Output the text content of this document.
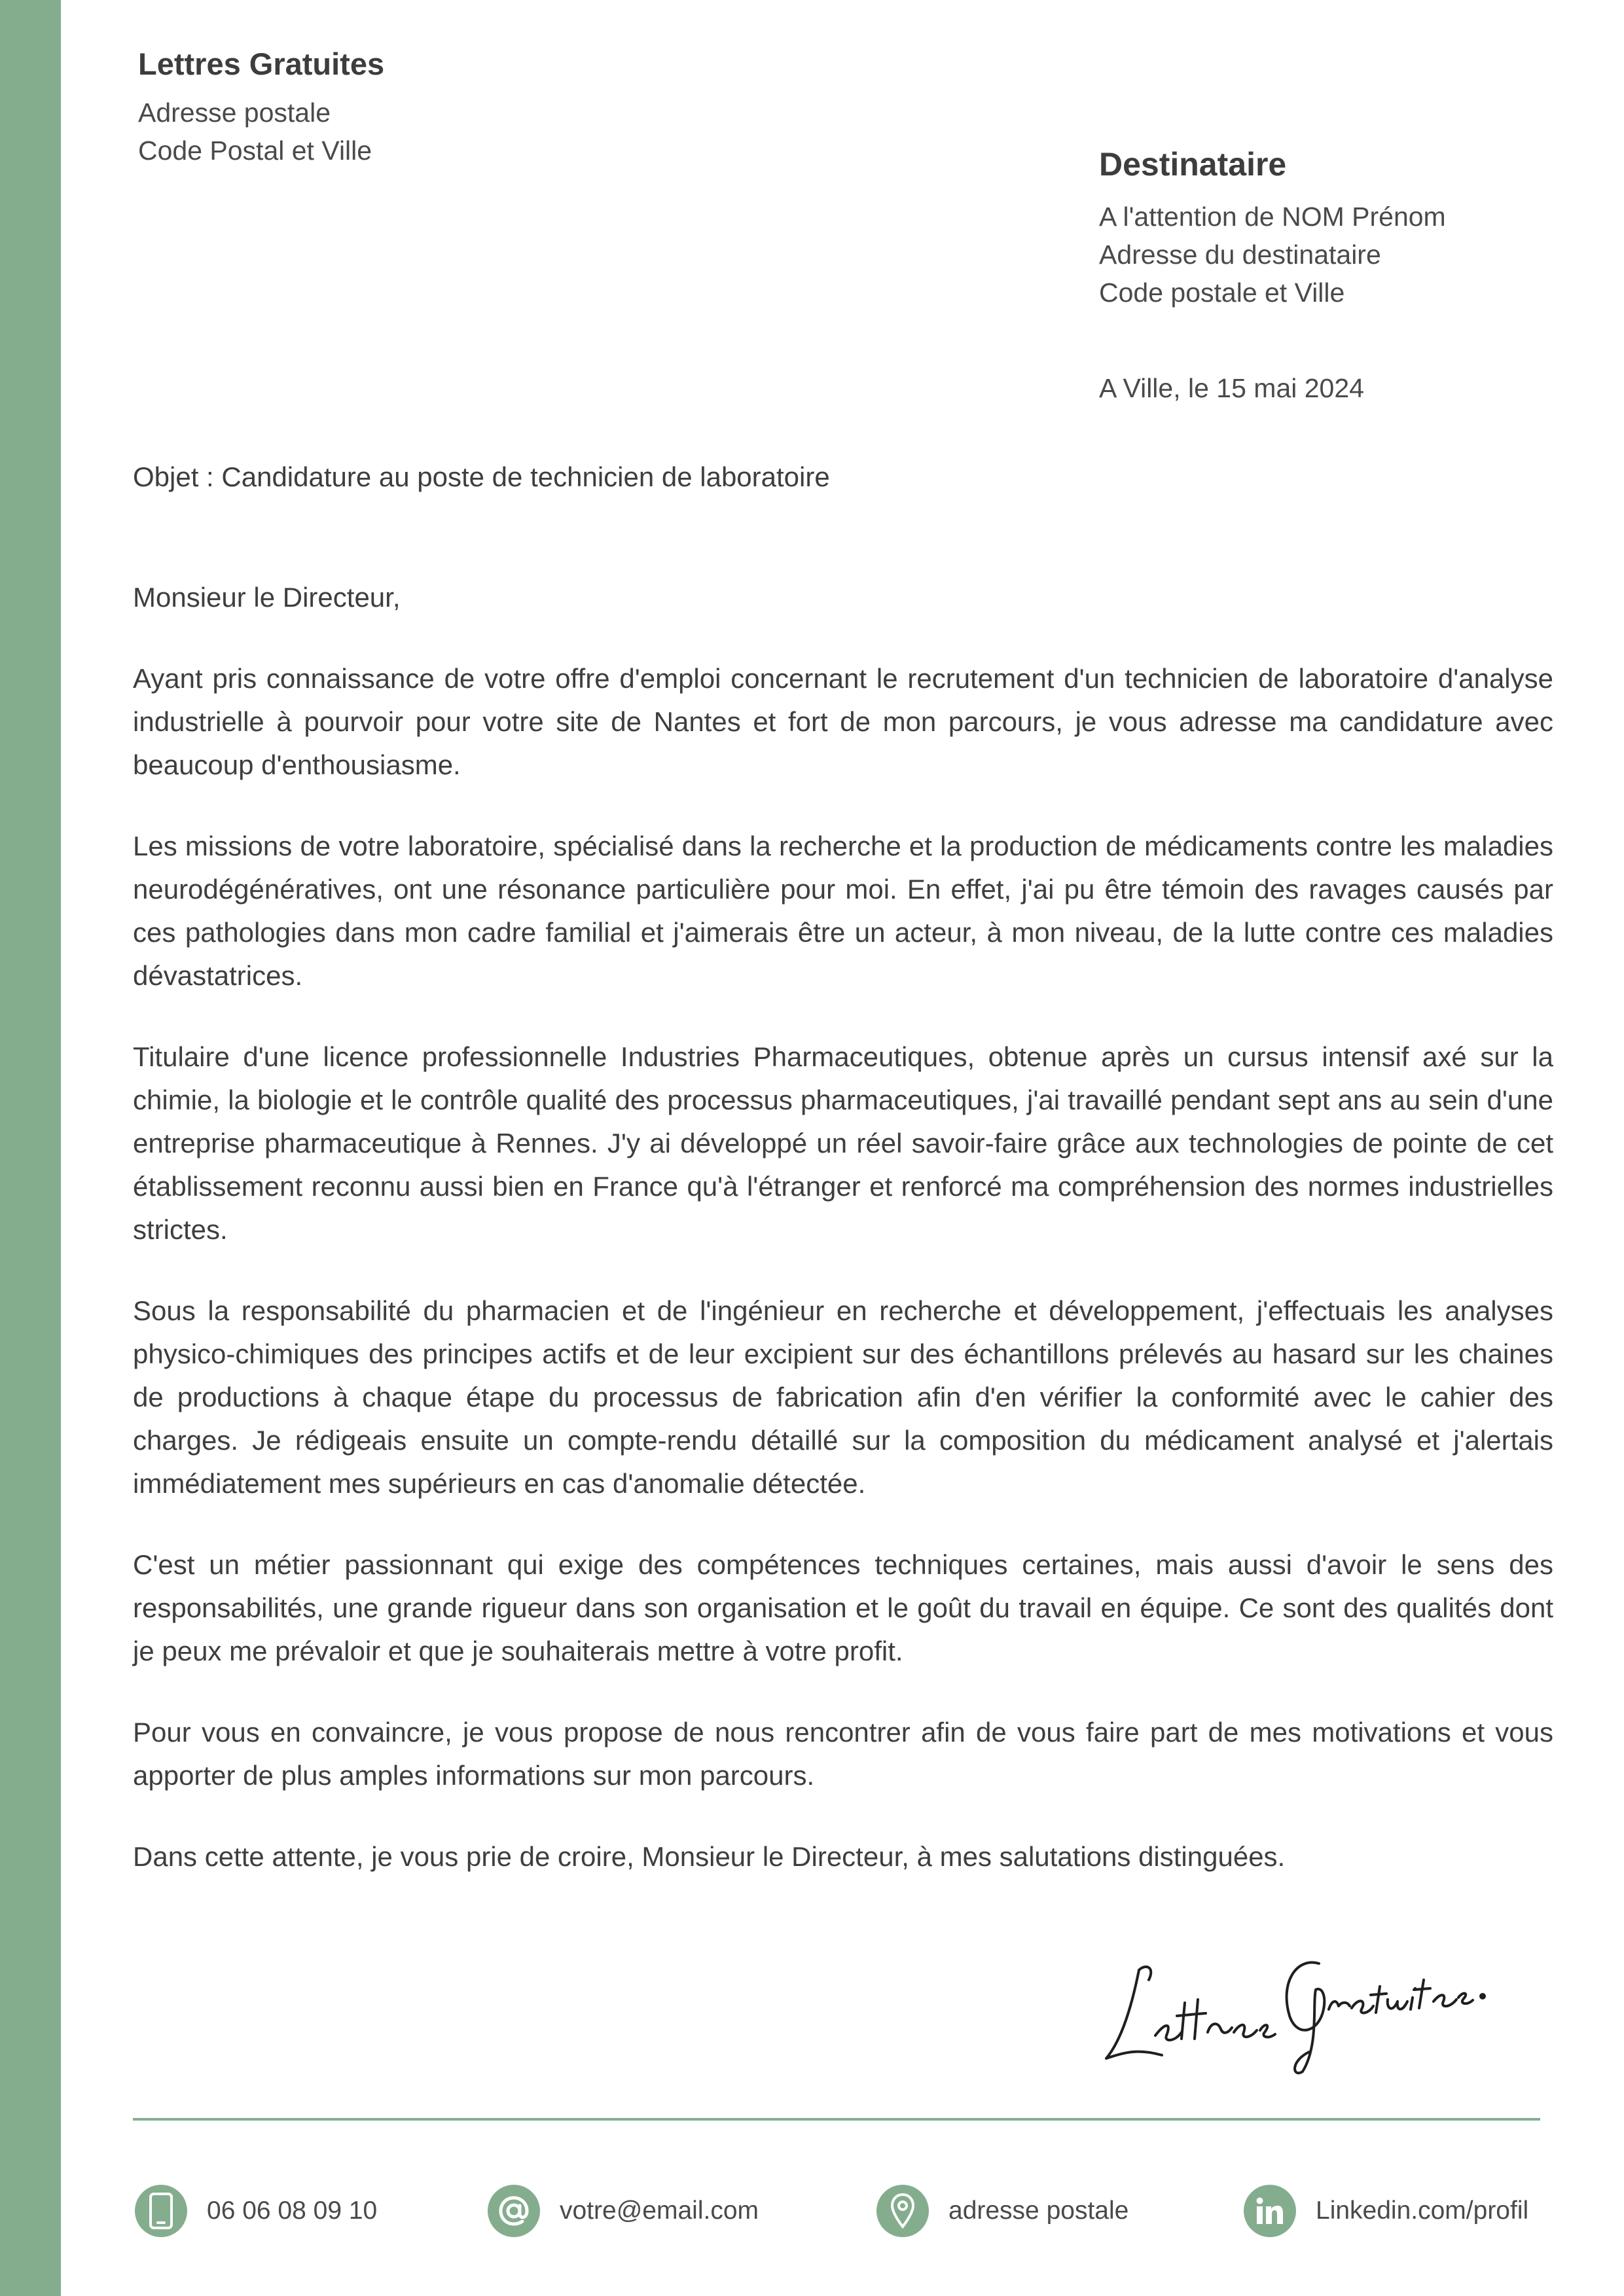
Lettres Gratuites
Adresse postale
Code Postal et Ville	Destinataire
A l'attention de NOM Prénom
Adresse du destinataire
Code postale et Ville
A Ville, le 15 mai 2024
Objet : Candidature au poste de technicien de laboratoire

Monsieur le Directeur,

Ayant pris connaissance de votre offre d'emploi concernant le recrutement d'un technicien de laboratoire d'analyse industrielle à pourvoir pour votre site de Nantes et fort de mon parcours, je vous adresse ma candidature avec beaucoup d'enthousiasme.

Les missions de votre laboratoire, spécialisé dans la recherche et la production de médicaments contre les maladies neurodégénératives, ont une résonance particulière pour moi. En effet, j'ai pu être témoin des ravages causés par ces pathologies dans mon cadre familial et j'aimerais être un acteur, à mon niveau, de la lutte contre ces maladies dévastatrices.

Titulaire d'une licence professionnelle Industries Pharmaceutiques, obtenue après un cursus intensif axé sur la chimie, la biologie et le contrôle qualité des processus pharmaceutiques, j'ai travaillé pendant sept ans au sein d'une entreprise pharmaceutique à Rennes. J'y ai développé un réel savoir-faire grâce aux technologies de pointe de cet établissement reconnu aussi bien en France qu'à l'étranger et renforcé ma compréhension des normes industrielles strictes.

Sous la responsabilité du pharmacien et de l'ingénieur en recherche et développement, j'effectuais les analyses physico-chimiques des principes actifs et de leur excipient sur des échantillons prélevés au hasard sur les chaines de productions à chaque étape du processus de fabrication afin d'en vérifier la conformité avec le cahier des charges. Je rédigeais ensuite un compte-rendu détaillé sur la composition du médicament analysé et j'alertais immédiatement mes supérieurs en cas d'anomalie détectée.

C'est un métier passionnant qui exige des compétences techniques certaines, mais aussi d'avoir le sens des responsabilités, une grande rigueur dans son organisation et le goût du travail en équipe. Ce sont des qualités dont je peux me prévaloir et que je souhaiterais mettre à votre profit.

Pour vous en convaincre, je vous propose de nous rencontrer afin de vous faire part de mes motivations et vous apporter de plus amples informations sur mon parcours.

Dans cette attente, je vous prie de croire, Monsieur le Directeur, à mes salutations distinguées.

06 06 08 09 10	votre@email.com	adresse postale	Linkedin.com/profil
